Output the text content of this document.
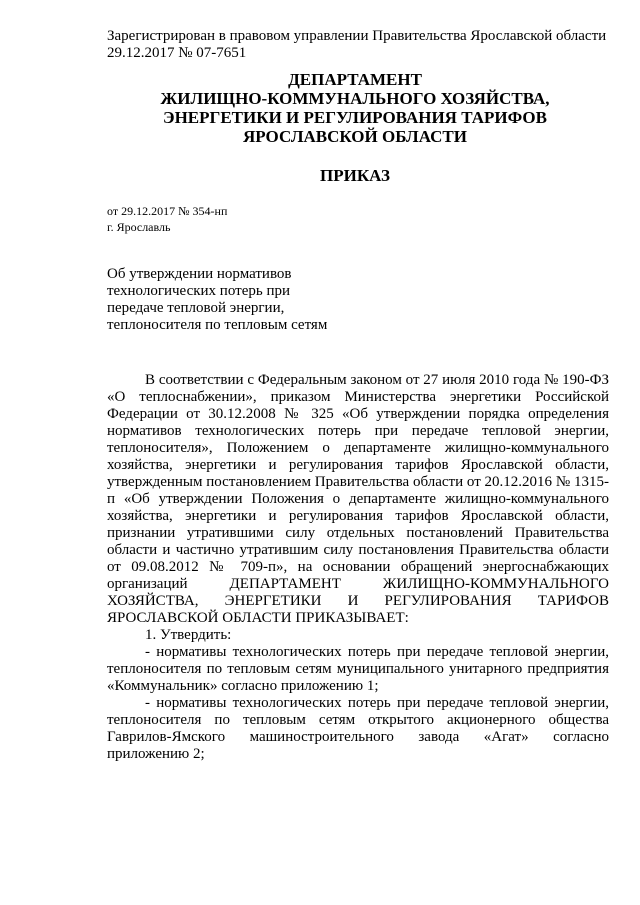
Зарегистрирован в правовом управлении Правительства Ярославской области
29.12.2017 № 07-7651
ДЕПАРТАМЕНТ
ЖИЛИЩНО-КОММУНАЛЬНОГО ХОЗЯЙСТВА,
ЭНЕРГЕТИКИ И РЕГУЛИРОВАНИЯ ТАРИФОВ
ЯРОСЛАВСКОЙ ОБЛАСТИ
ПРИКАЗ
от 29.12.2017 № 354-нп
г. Ярославль
Об утверждении нормативов
технологических потерь при
передаче тепловой энергии,
теплоносителя по тепловым сетям

В соответствии с Федеральным законом от 27 июля 2010 года № 190-ФЗ «О теплоснабжении», приказом Министерства энергетики Российской Федерации от 30.12.2008 № 325 «Об утверждении порядка определения нормативов технологических потерь при передаче тепловой энергии, теплоносителя», Положением о департаменте жилищно-коммунального хозяйства, энергетики и регулирования тарифов Ярославской области, утвержденным постановлением Правительства области от 20.12.2016 № 1315-п «Об утверждении Положения о департаменте жилищно-коммунального хозяйства, энергетики и регулирования тарифов Ярославской области, признании утратившими силу отдельных постановлений Правительства области и частично утратившим силу постановления Правительства области от 09.08.2012 № 709-п», на основании обращений энергоснабжающих организаций ДЕПАРТАМЕНТ ЖИЛИЩНО-КОММУНАЛЬНОГО ХОЗЯЙСТВА, ЭНЕРГЕТИКИ И РЕГУЛИРОВАНИЯ ТАРИФОВ ЯРОСЛАВСКОЙ ОБЛАСТИ ПРИКАЗЫВАЕТ:

1. Утвердить:

- нормативы технологических потерь при передаче тепловой энергии, теплоносителя по тепловым сетям муниципального унитарного предприятия «Коммунальник» согласно приложению 1;

- нормативы технологических потерь при передаче тепловой энергии, теплоносителя по тепловым сетям открытого акционерного общества Гаврилов-Ямского машиностроительного завода «Агат» согласно приложению 2;
